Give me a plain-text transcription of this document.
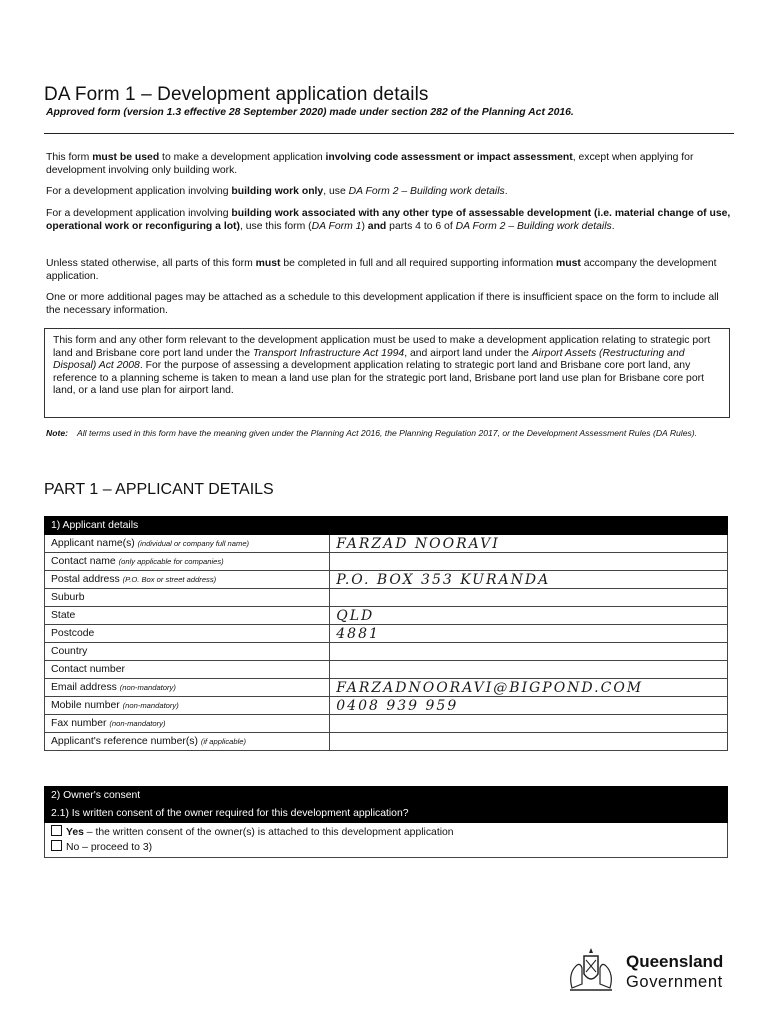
DA Form 1 – Development application details
Approved form (version 1.3 effective 28 September 2020) made under section 282 of the Planning Act 2016.
This form must be used to make a development application involving code assessment or impact assessment, except when applying for development involving only building work.
For a development application involving building work only, use DA Form 2 – Building work details.
For a development application involving building work associated with any other type of assessable development (i.e. material change of use, operational work or reconfiguring a lot), use this form (DA Form 1) and parts 4 to 6 of DA Form 2 – Building work details.
Unless stated otherwise, all parts of this form must be completed in full and all required supporting information must accompany the development application.
One or more additional pages may be attached as a schedule to this development application if there is insufficient space on the form to include all the necessary information.
This form and any other form relevant to the development application must be used to make a development application relating to strategic port land and Brisbane core port land under the Transport Infrastructure Act 1994, and airport land under the Airport Assets (Restructuring and Disposal) Act 2008. For the purpose of assessing a development application relating to strategic port land and Brisbane core port land, any reference to a planning scheme is taken to mean a land use plan for the strategic port land, Brisbane port land use plan for Brisbane core port land, or a land use plan for airport land.
Note: All terms used in this form have the meaning given under the Planning Act 2016, the Planning Regulation 2017, or the Development Assessment Rules (DA Rules).
PART 1 – APPLICANT DETAILS
1) Applicant details	
Applicant name(s) (individual or company full name)	FARZAD NOORAVI
Contact name (only applicable for companies)	
Postal address (P.O. Box or street address)	P.O. BOX 353 KURANDA
Suburb	
State	QLD
Postcode	4881
Country	
Contact number	
Email address (non-mandatory)	FARZADNOORAVI@BIGPOND.COM
Mobile number (non-mandatory)	0408 939 959
Fax number (non-mandatory)	
Applicant's reference number(s) (if applicable)	
2) Owner's consent
2.1) Is written consent of the owner required for this development application?

Yes – the written consent of the owner(s) is attached to this development application
No – proceed to 3)
Queensland
Government
